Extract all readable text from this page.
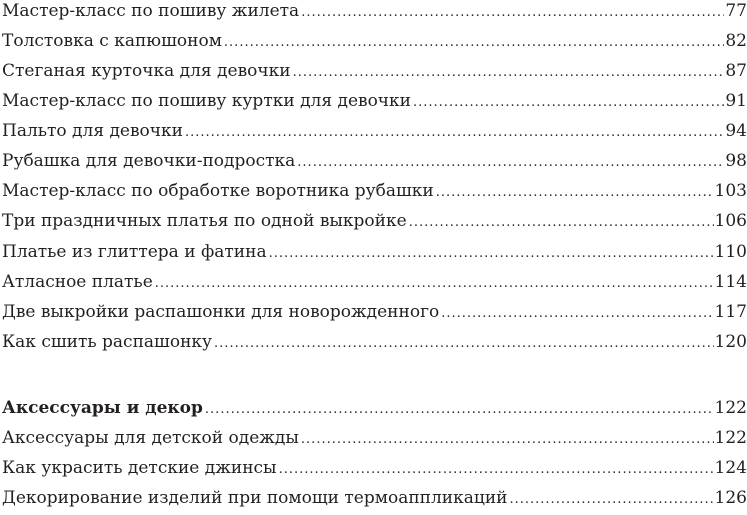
Мастер-класс по пошиву жилета .....	77
Толстовка с капюшоном .....	82
Стеганая курточка для девочки .....	87
Мастер-класс по пошиву куртки для девочки .....	91
Пальто для девочки .....	94
Рубашка для девочки-подростка .....	98
Мастер-класс по обработке воротника рубашки .....	103
Три праздничных платья по одной выкройке .....	106
Платье из глиттера и фатина .....	110
Атласное платье .....	114
Две выкройки распашонки для новорожденного .....	117
Как сшить распашонку .....	120
Аксессуары и декор .....	122
Аксессуары для детской одежды .....	122
Как украсить детские джинсы .....	124
Декорирование изделий при помощи термоаппликаций .....	126
